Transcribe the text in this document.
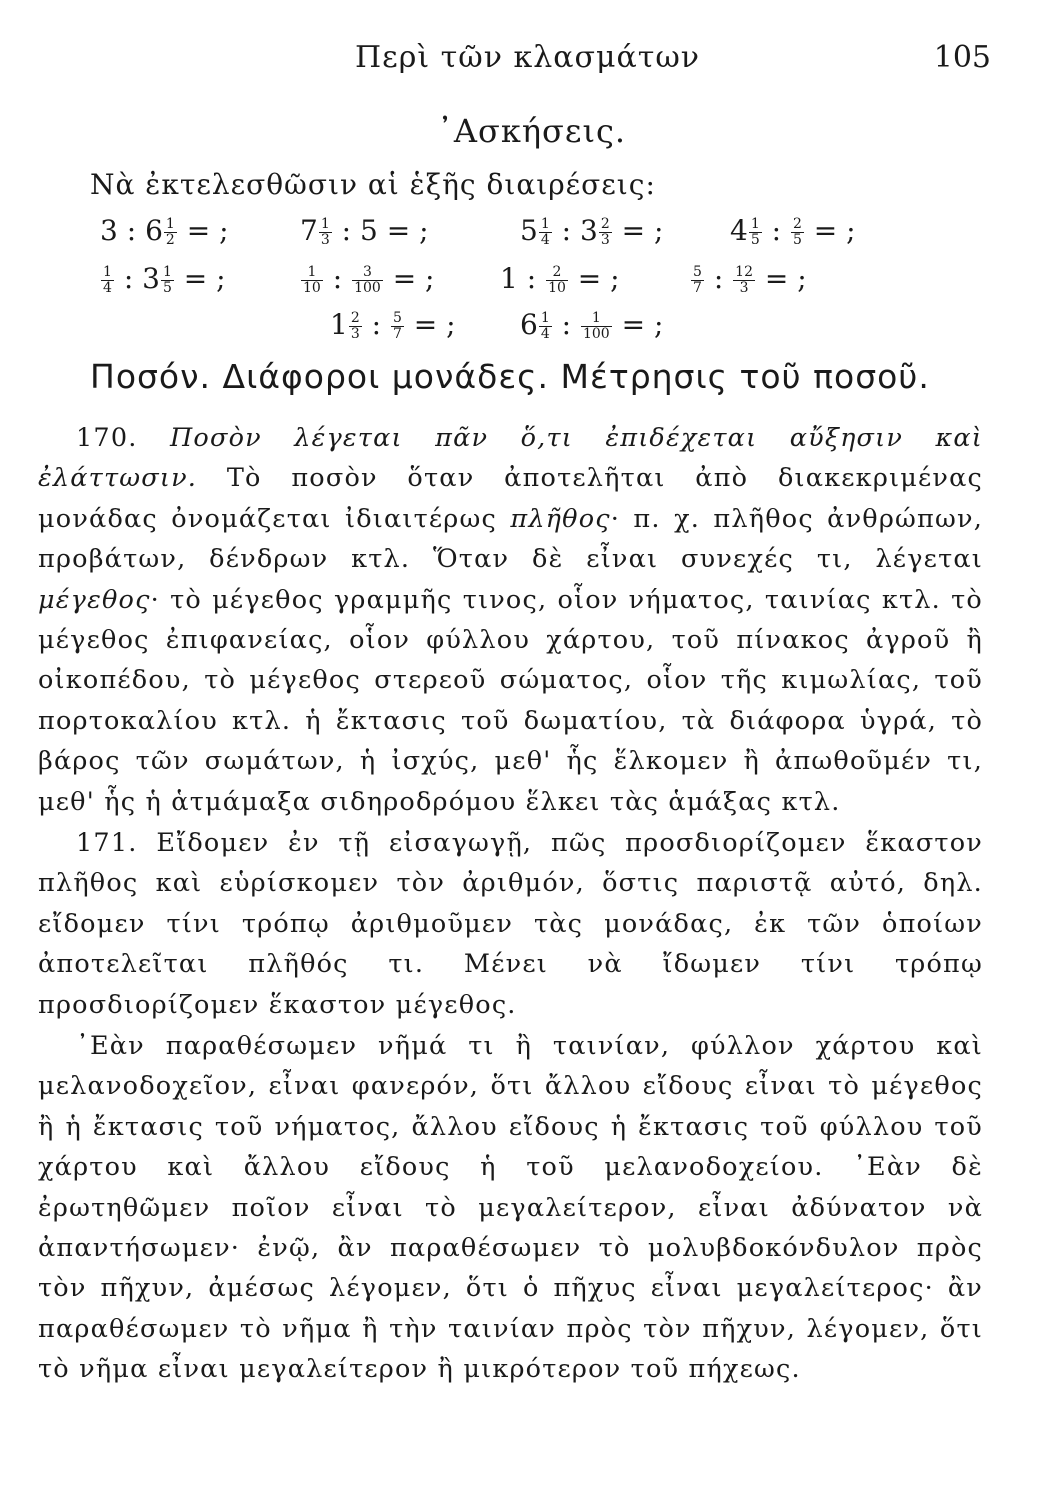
Περὶ τῶν κλασμάτων	105
᾿Ασκήσεις.
Νὰ ἐκτελεσθῶσιν αἱ ἑξῆς διαιρέσεις:
3 : $6 \frac{1}{2}$ = ;	$7 \frac{1}{3}$ : 5 = ;	$5 \frac{1}{4}$ : $3 \frac{2}{3}$ = ; $4 \frac{1}{5}$ : $\frac{2}{5}$ = ;
$\frac{1}{4}$ : $3 \frac{1}{5}$ = ;	$\frac{1}{10}$ : $\frac{3}{100}$ = ; 1 : $\frac{2}{10}$ = ;	$\frac{5}{7}$ : $\frac{12}{3}$ = ;
$1 \frac{2}{3}$ : $\frac{5}{7}$ = ; $6 \frac{1}{4}$ : $\frac{1}{100}$ = ;
Ποσόν. Διάφοροι μονάδες. Μέτρησις τοῦ ποσοῦ.

170. Ποσὸν λέγεται πᾶν ὅ,τι ἐπιδέχεται αὔξησιν καὶ ἐλάττωσιν. Τὸ ποσὸν ὅταν ἀποτελῆται ἀπὸ διακεκριμένας μονάδας ὀνομάζεται ἰδιαιτέρως πλῆθος· π. χ. πλῆθος ἀνθρώπων, προβάτων, δένδρων κτλ. Ὅταν δὲ εἶναι συνεχές τι, λέγεται μέγεθος· τὸ μέγεθος γραμμῆς τινος, οἷον νήματος, ταινίας κτλ. τὸ μέγεθος ἐπιφανείας, οἷον φύλλου χάρτου, τοῦ πίνακος ἀγροῦ ἢ οἰκοπέδου, τὸ μέγεθος στερεοῦ σώματος, οἷον τῆς κιμωλίας, τοῦ πορτοκαλίου κτλ. ἡ ἔκτασις τοῦ δωματίου, τὰ διάφορα ὑγρά, τὸ βάρος τῶν σωμάτων, ἡ ἰσχύς, μεθ' ἧς ἕλκομεν ἢ ἀπωθοῦμέν τι, μεθ' ἧς ἡ ἁτμάμαξα σιδηροδρόμου ἕλκει τὰς ἁμάξας κτλ.

171. Εἴδομεν ἐν τῇ εἰσαγωγῇ, πῶς προσδιορίζομεν ἕκαστον πλῆθος καὶ εὑρίσκομεν τὸν ἀριθμόν, ὅστις παριστᾷ αὐτό, δηλ. εἴδομεν τίνι τρόπῳ ἀριθμοῦμεν τὰς μονάδας, ἐκ τῶν ὁποίων ἀποτελεῖται πλῆθός τι. Μένει νὰ ἴδωμεν τίνι τρόπῳ προσδιορίζομεν ἕκαστον μέγεθος.

᾿Εὰν παραθέσωμεν νῆμά τι ἢ ταινίαν, φύλλον χάρτου καὶ μελανοδοχεῖον, εἶναι φανερόν, ὅτι ἄλλου εἴδους εἶναι τὸ μέγεθος ἢ ἡ ἔκτασις τοῦ νήματος, ἄλλου εἴδους ἡ ἔκτασις τοῦ φύλλου τοῦ χάρτου καὶ ἄλλου εἴδους ἡ τοῦ μελανοδοχείου. ᾿Εὰν δὲ ἐρωτηθῶμεν ποῖον εἶναι τὸ μεγαλείτερον, εἶναι ἀδύνατον νὰ ἀπαντήσωμεν· ἐνῷ, ἂν παραθέσωμεν τὸ μολυβδοκόνδυλον πρὸς τὸν πῆχυν, ἀμέσως λέγομεν, ὅτι ὁ πῆχυς εἶναι μεγαλείτερος· ἂν παραθέσωμεν τὸ νῆμα ἢ τὴν ταινίαν πρὸς τὸν πῆχυν, λέγομεν, ὅτι τὸ νῆμα εἶναι μεγαλείτερον ἢ μικρότερον τοῦ πήχεως.
